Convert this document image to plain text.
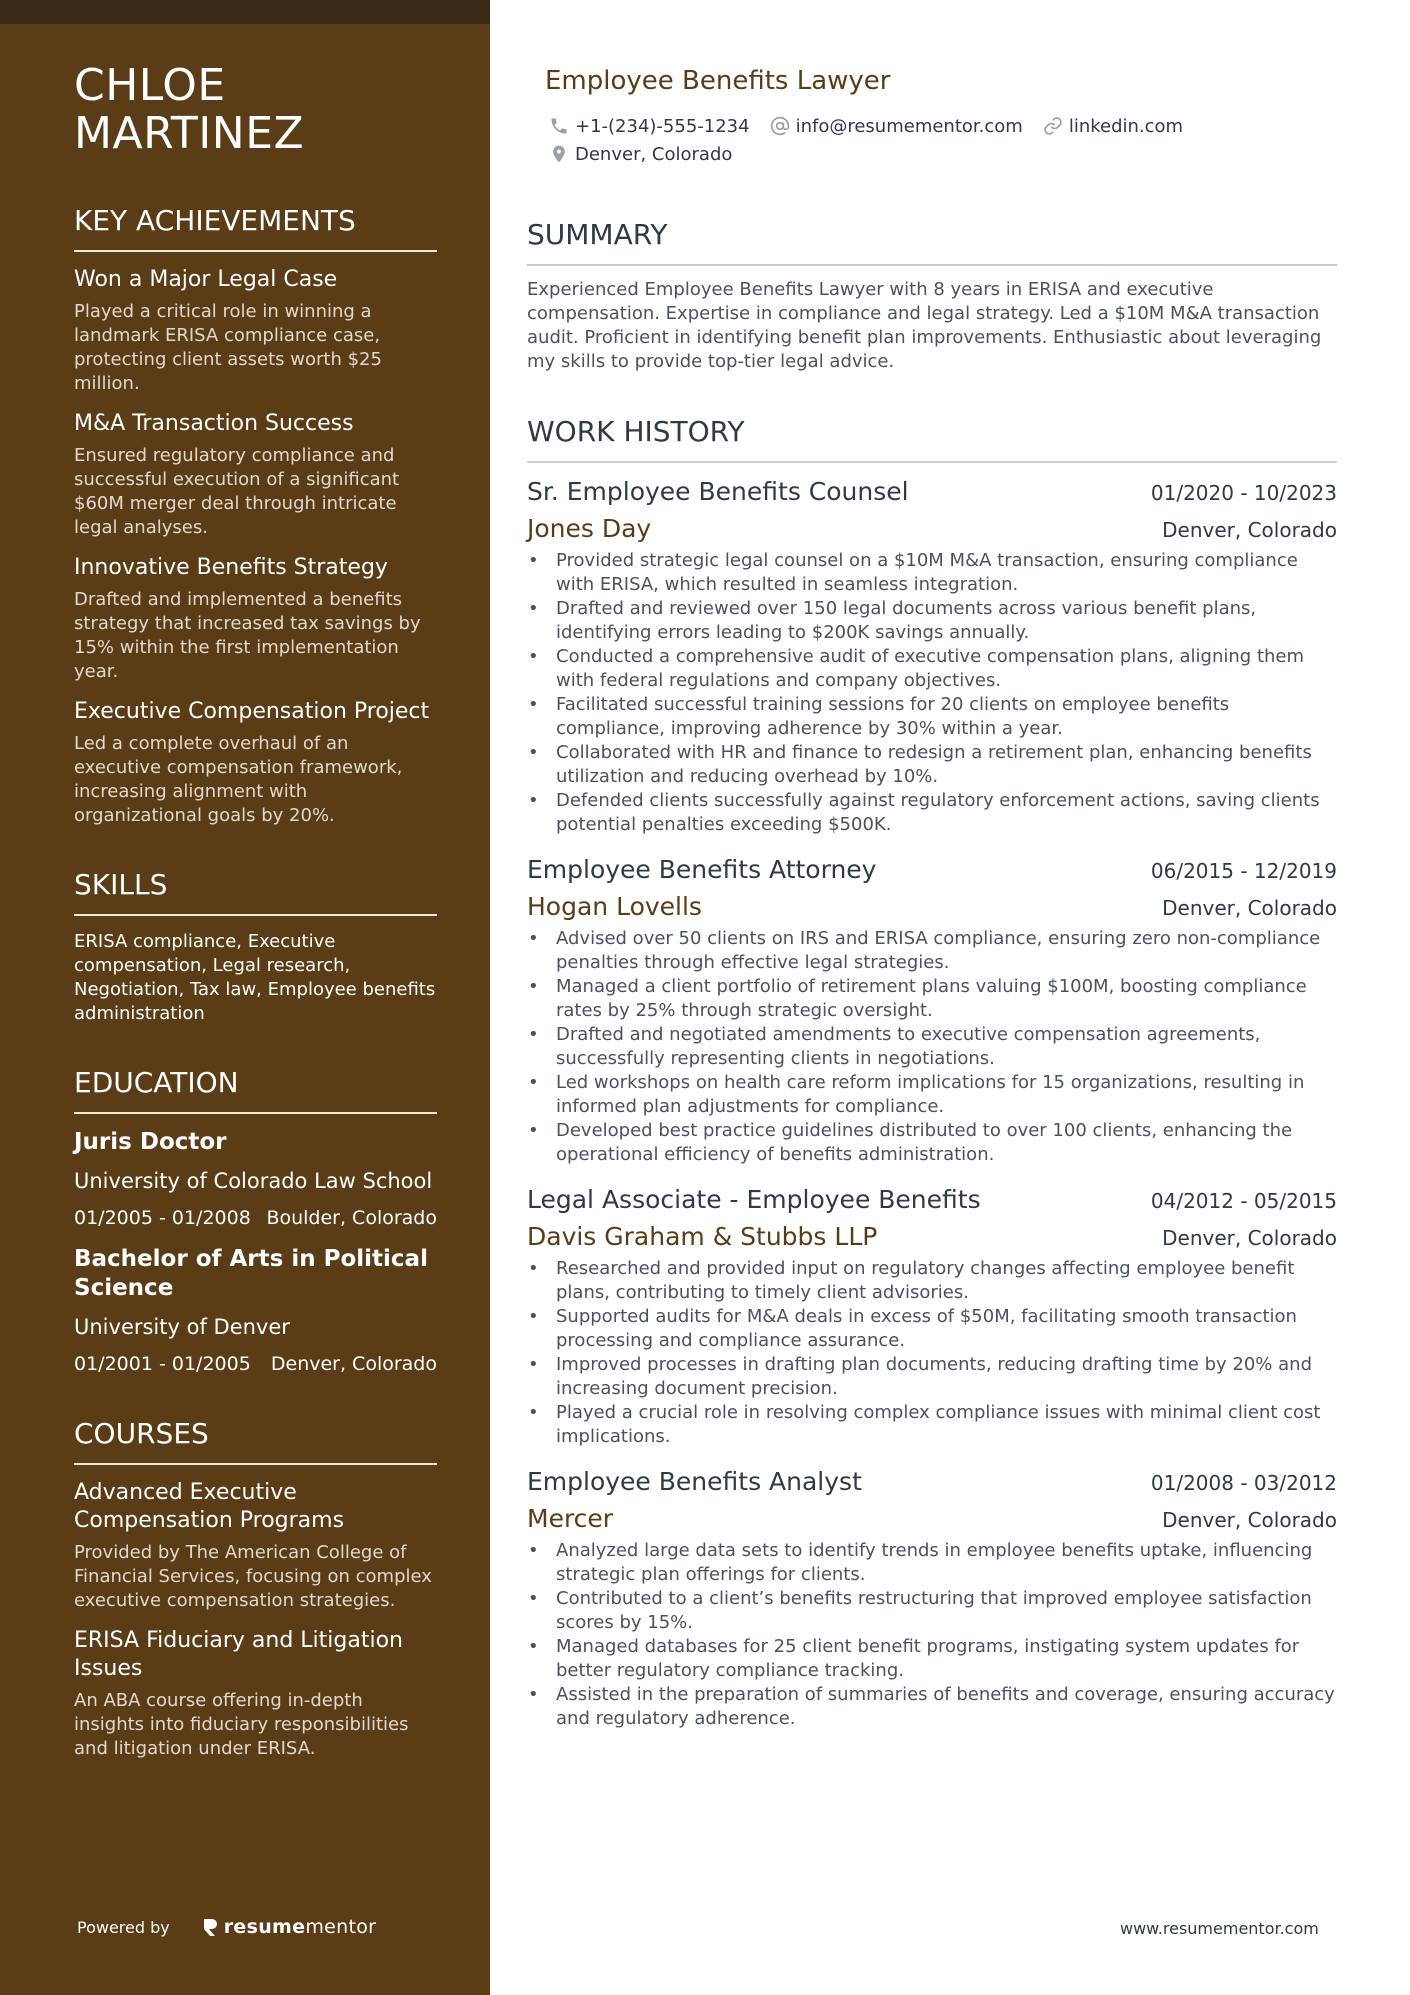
CHLOE
MARTINEZ
KEY ACHIEVEMENTS
Won a Major Legal Case
Played a critical role in winning a landmark ERISA compliance case, protecting client assets worth $25 million.
M&A Transaction Success
Ensured regulatory compliance and successful execution of a significant $60M merger deal through intricate legal analyses.
Innovative Benefits Strategy
Drafted and implemented a benefits strategy that increased tax savings by 15% within the first implementation year.
Executive Compensation Project
Led a complete overhaul of an executive compensation framework, increasing alignment with organizational goals by 20%.
SKILLS
ERISA compliance, Executive compensation, Legal research, Negotiation, Tax law, Employee benefits administration
EDUCATION
Juris Doctor
University of Colorado Law School
01/2005 - 01/2008 Boulder, Colorado
Bachelor of Arts in Political Science
University of Denver
01/2001 - 01/2005 Denver, Colorado
COURSES
Advanced Executive Compensation Programs
Provided by The American College of Financial Services, focusing on complex executive compensation strategies.
ERISA Fiduciary and Litigation Issues
An ABA course offering in-depth insights into fiduciary responsibilities and litigation under ERISA.
Powered by	resume mentor
Employee Benefits Lawyer
+1-(234)-555-1234	info@resumementor.com	linkedin.com
Denver, Colorado
SUMMARY
Experienced Employee Benefits Lawyer with 8 years in ERISA and executive compensation. Expertise in compliance and legal strategy. Led a $10M M&A transaction audit. Proficient in identifying benefit plan improvements. Enthusiastic about leveraging my skills to provide top-tier legal advice.
WORK HISTORY
Sr. Employee Benefits Counsel	01/2020 - 10/2023
Jones Day	Denver, Colorado
• Provided strategic legal counsel on a $10M M&A transaction, ensuring compliance with ERISA, which resulted in seamless integration.
• Drafted and reviewed over 150 legal documents across various benefit plans, identifying errors leading to $200K savings annually.
• Conducted a comprehensive audit of executive compensation plans, aligning them with federal regulations and company objectives.
• Facilitated successful training sessions for 20 clients on employee benefits compliance, improving adherence by 30% within a year.
• Collaborated with HR and finance to redesign a retirement plan, enhancing benefits utilization and reducing overhead by 10%.
• Defended clients successfully against regulatory enforcement actions, saving clients potential penalties exceeding $500K.
Employee Benefits Attorney	06/2015 - 12/2019
Hogan Lovells	Denver, Colorado
• Advised over 50 clients on IRS and ERISA compliance, ensuring zero non-compliance penalties through effective legal strategies.
• Managed a client portfolio of retirement plans valuing $100M, boosting compliance rates by 25% through strategic oversight.
• Drafted and negotiated amendments to executive compensation agreements, successfully representing clients in negotiations.
• Led workshops on health care reform implications for 15 organizations, resulting in informed plan adjustments for compliance.
• Developed best practice guidelines distributed to over 100 clients, enhancing the operational efficiency of benefits administration.
Legal Associate - Employee Benefits	04/2012 - 05/2015
Davis Graham & Stubbs LLP	Denver, Colorado
• Researched and provided input on regulatory changes affecting employee benefit plans, contributing to timely client advisories.
• Supported audits for M&A deals in excess of $50M, facilitating smooth transaction processing and compliance assurance.
• Improved processes in drafting plan documents, reducing drafting time by 20% and increasing document precision.
• Played a crucial role in resolving complex compliance issues with minimal client cost implications.
Employee Benefits Analyst	01/2008 - 03/2012
Mercer	Denver, Colorado
• Analyzed large data sets to identify trends in employee benefits uptake, influencing strategic plan offerings for clients.
• Contributed to a client’s benefits restructuring that improved employee satisfaction scores by 15%.
• Managed databases for 25 client benefit programs, instigating system updates for better regulatory compliance tracking.
• Assisted in the preparation of summaries of benefits and coverage, ensuring accuracy and regulatory adherence.
www.resumementor.com
